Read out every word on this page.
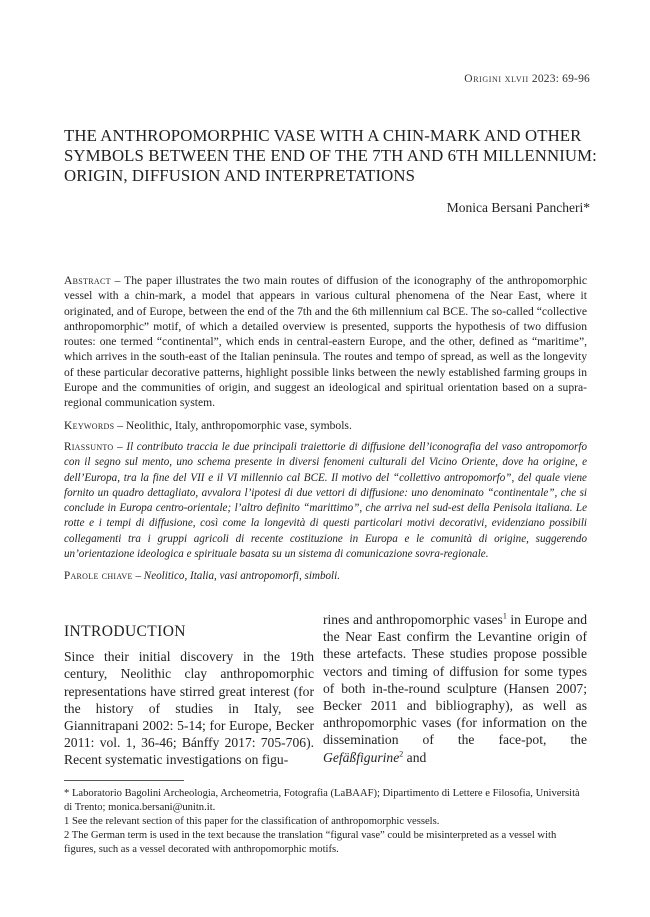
Origini xlvii 2023: 69-96
THE ANTHROPOMORPHIC VASE WITH A CHIN-MARK AND OTHER SYMBOLS BETWEEN THE END OF THE 7TH AND 6TH MILLENNIUM: ORIGIN, DIFFUSION AND INTERPRETATIONS
Monica Bersani Pancheri*

Abstract – The paper illustrates the two main routes of diffusion of the iconography of the anthropomorphic vessel with a chin-mark, a model that appears in various cultural phenomena of the Near East, where it originated, and of Europe, between the end of the 7th and the 6th millennium cal BCE. The so-called “collective anthropomorphic” motif, of which a detailed overview is presented, supports the hypothesis of two diffusion routes: one termed “continental”, which ends in central-eastern Europe, and the other, defined as “maritime”, which arrives in the south-east of the Italian peninsula. The routes and tempo of spread, as well as the longevity of these particular decorative patterns, highlight possible links between the newly established farming groups in Europe and the communities of origin, and suggest an ideological and spiritual orientation based on a supra-regional communication system.

Keywords – Neolithic, Italy, anthropomorphic vase, symbols.

Riassunto – Il contributo traccia le due principali traiettorie di diffusione dell’iconografia del vaso antropomorfo con il segno sul mento, uno schema presente in diversi fenomeni culturali del Vicino Oriente, dove ha origine, e dell’Europa, tra la fine del VII e il VI millennio cal BCE. Il motivo del “collettivo antropomorfo”, del quale viene fornito un quadro dettagliato, avvalora l’ipotesi di due vettori di diffusione: uno denominato “continentale”, che si conclude in Europa centro-orientale; l’altro definito “marittimo”, che arriva nel sud-est della Penisola italiana. Le rotte e i tempi di diffusione, così come la longevità di questi particolari motivi decorativi, evidenziano possibili collegamenti tra i gruppi agricoli di recente costituzione in Europa e le comunità di origine, suggerendo un’orientazione ideologica e spirituale basata su un sistema di comunicazione sovra-regionale.

Parole chiave – Neolitico, Italia, vasi antropomorfi, simboli.

INTRODUCTION

Since their initial discovery in the 19th century, Neolithic clay anthropomorphic representations have stirred great interest (for the history of studies in Italy, see Giannitrapani 2002: 5-14; for Europe, Becker 2011: vol. 1, 36-46; Bánffy 2017: 705-706). Recent systematic investigations on figu-

rines and anthropomorphic vases$^1$ in Europe and the Near East confirm the Levantine origin of these artefacts. These studies propose possible vectors and timing of diffusion for some types of both in-the-round sculpture (Hansen 2007; Becker 2011 and bibliography), as well as anthropomorphic vases (for information on the dissemination of the face-pot, the Gefäßfigurine$^2$ and

* Laboratorio Bagolini Archeologia, Archeometria, Fotografia (LaBAAF); Dipartimento di Lettere e Filosofia, Università di Trento; monica.bersani@unitn.it.
1 See the relevant section of this paper for the classification of anthropomorphic vessels.
2 The German term is used in the text because the translation “figural vase” could be misinterpreted as a vessel with figures, such as a vessel decorated with anthropomorphic motifs.
